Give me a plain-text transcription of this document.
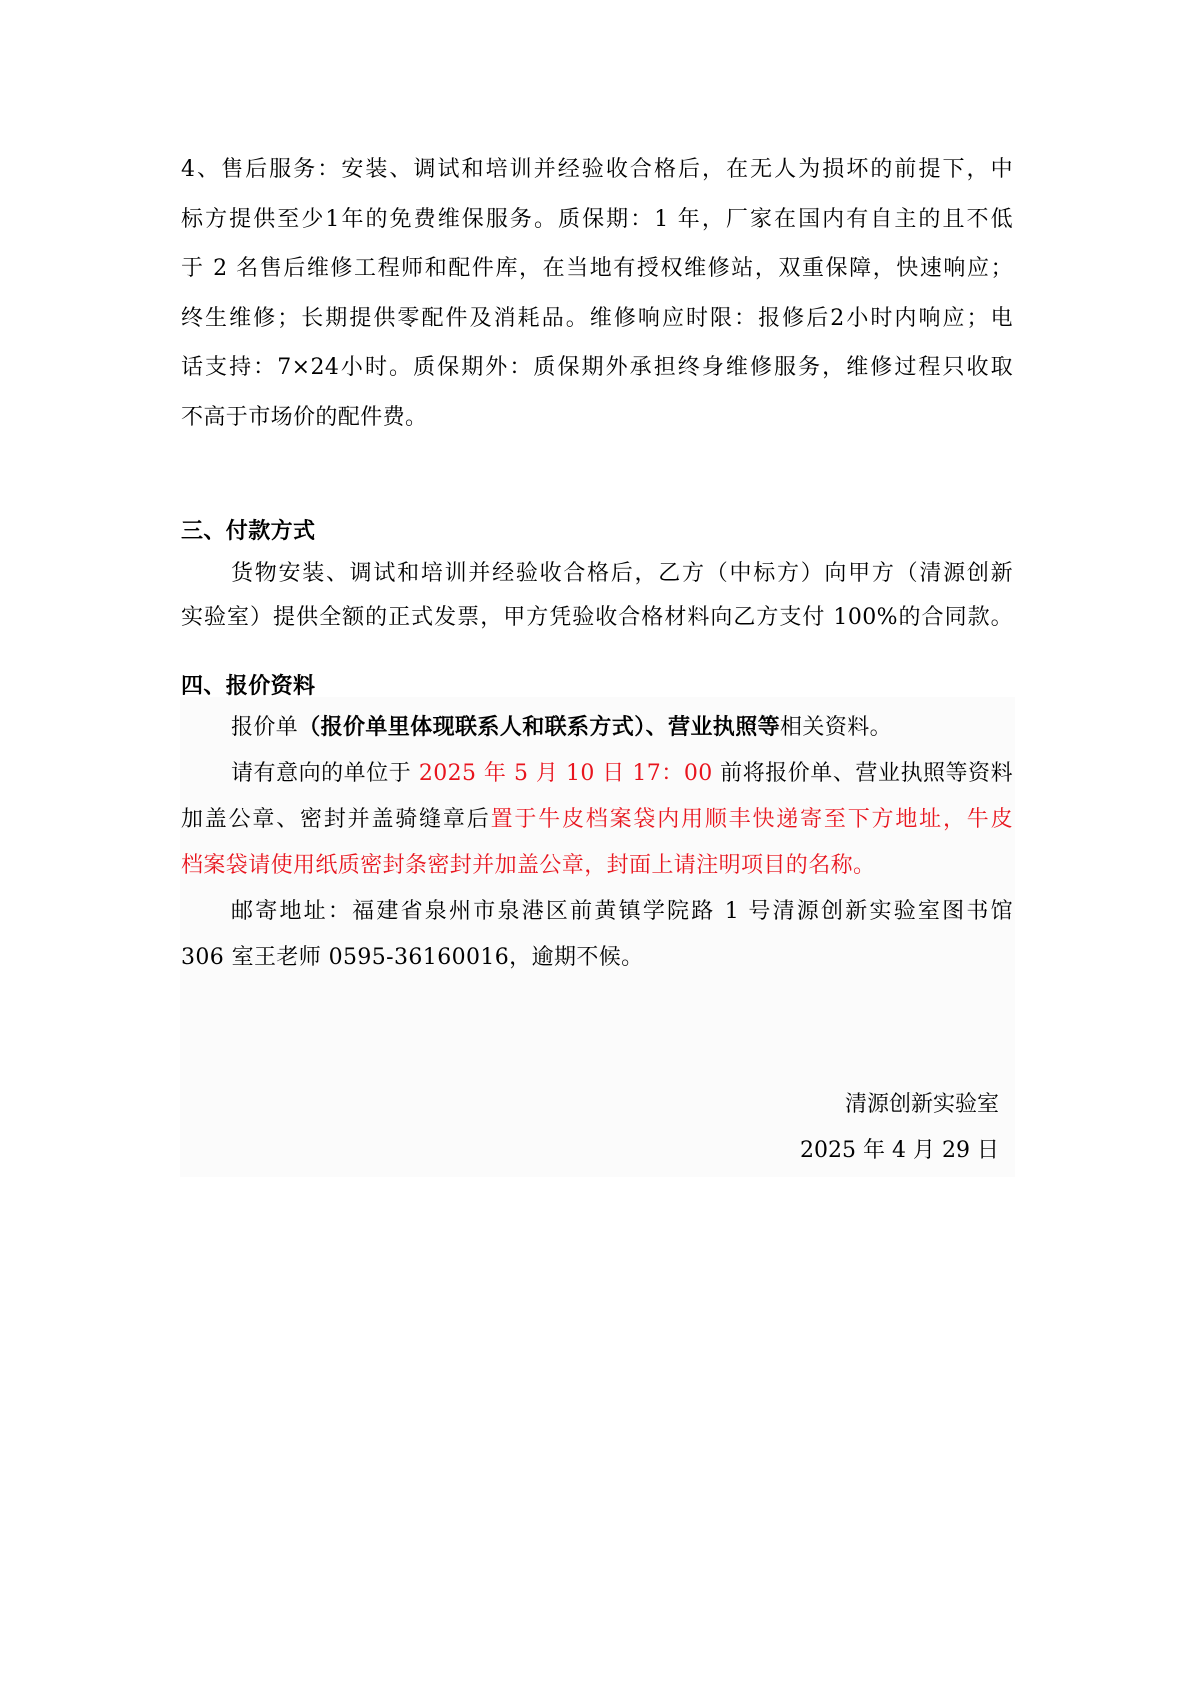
4、售后服务：安装、调试和培训并经验收合格后，在无人为损坏的前提下，中
标方提供至少1年的免费维保服务。质保期：1 年，厂家在国内有自主的且不低
于 2 名售后维修工程师和配件库，在当地有授权维修站，双重保障，快速响应；
终生维修；长期提供零配件及消耗品。维修响应时限：报修后2小时内响应；电
话支持：7×24小时。质保期外：质保期外承担终身维修服务，维修过程只收取
不高于市场价的配件费。
三、付款方式
货物安装、调试和培训并经验收合格后，乙方（中标方）向甲方（清源创新
实验室）提供全额的正式发票，甲方凭验收合格材料向乙方支付 100%的合同款。
四、报价资料
报价单（报价单里体现联系人和联系方式）、营业执照等相关资料。
请有意向的单位于 2025 年 5 月 10 日 17：00 前将报价单、营业执照等资料
加盖公章、密封并盖骑缝章后置于牛皮档案袋内用顺丰快递寄至下方地址，牛皮
档案袋请使用纸质密封条密封并加盖公章，封面上请注明项目的名称。
邮寄地址：福建省泉州市泉港区前黄镇学院路 1 号清源创新实验室图书馆
306 室王老师 0595-36160016，逾期不候。
清源创新实验室
2025 年 4 月 29 日
